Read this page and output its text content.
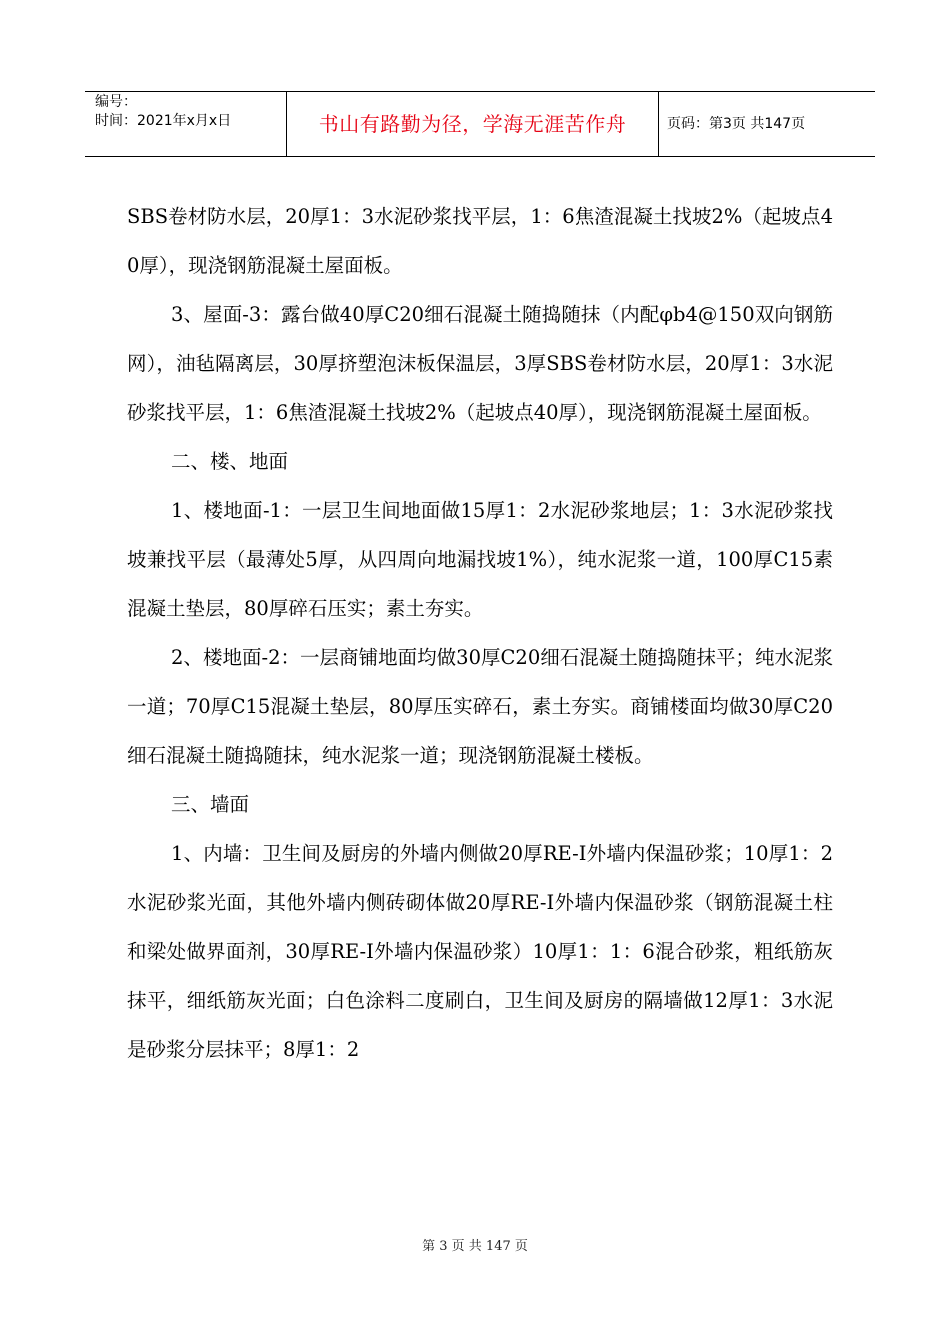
编号：
时间：2021年x月x日	书山有路勤为径，学海无涯苦作舟	页码：第3页 共147页

SBS卷材防水层，20厚1：3水泥砂浆找平层，1：6焦渣混凝土找坡2%（起坡点40厚），现浇钢筋混凝土屋面板。

3、屋面-3：露台做40厚C20细石混凝土随捣随抹（内配φb4@150双向钢筋网），油毡隔离层，30厚挤塑泡沫板保温层，3厚SBS卷材防水层，20厚1：3水泥砂浆找平层，1：6焦渣混凝土找坡2%（起坡点40厚），现浇钢筋混凝土屋面板。

二、楼、地面

1、楼地面-1：一层卫生间地面做15厚1：2水泥砂浆地层；1：3水泥砂浆找坡兼找平层（最薄处5厚，从四周向地漏找坡1%），纯水泥浆一道，100厚C15素混凝土垫层，80厚碎石压实；素土夯实。

2、楼地面-2：一层商铺地面均做30厚C20细石混凝土随捣随抹平；纯水泥浆一道；70厚C15混凝土垫层，80厚压实碎石，素土夯实。商铺楼面均做30厚C20细石混凝土随捣随抹，纯水泥浆一道；现浇钢筋混凝土楼板。

三、墙面

1、内墙：卫生间及厨房的外墙内侧做20厚RE-I外墙内保温砂浆；10厚1：2水泥砂浆光面，其他外墙内侧砖砌体做20厚RE-I外墙内保温砂浆（钢筋混凝土柱和梁处做界面剂，30厚RE-I外墙内保温砂浆）10厚1：1：6混合砂浆，粗纸筋灰抹平，细纸筋灰光面；白色涂料二度刷白，卫生间及厨房的隔墙做12厚1：3水泥是砂浆分层抹平；8厚1：2

第 3 页 共 147 页
